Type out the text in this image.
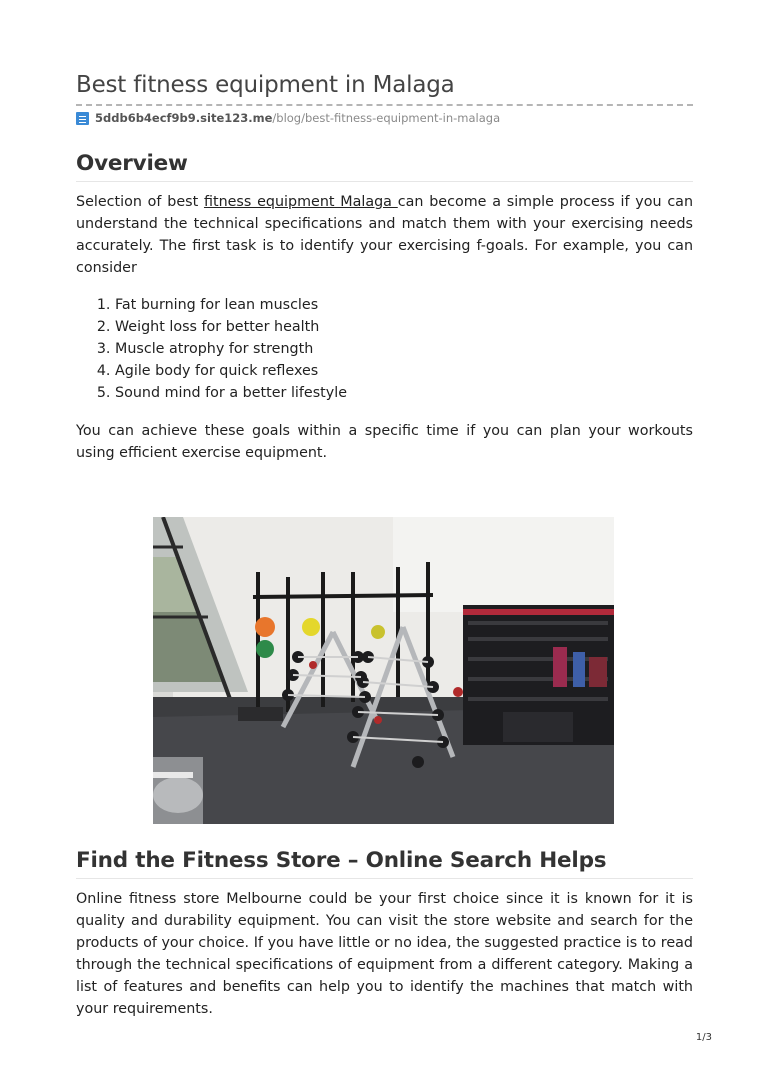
Best fitness equipment in Malaga
5ddb6b4ecf9b9.site123.me /blog/best-fitness-equipment-in-malaga
Overview

Selection of best fitness equipment Malaga can become a simple process if you can understand the technical specifications and match them with your exercising needs accurately. The first task is to identify your exercising f-goals. For example, you can consider

1. Fat burning for lean muscles
2. Weight loss for better health
3. Muscle atrophy for strength
4. Agile body for quick reflexes
5. Sound mind for a better lifestyle

You can achieve these goals within a specific time if you can plan your workouts using efficient exercise equipment.

Find the Fitness Store – Online Search Helps

Online fitness store Melbourne could be your first choice since it is known for it is quality and durability equipment. You can visit the store website and search for the products of your choice. If you have little or no idea, the suggested practice is to read through the technical specifications of equipment from a different category. Making a list of features and benefits can help you to identify the machines that match with your requirements.

1/3
